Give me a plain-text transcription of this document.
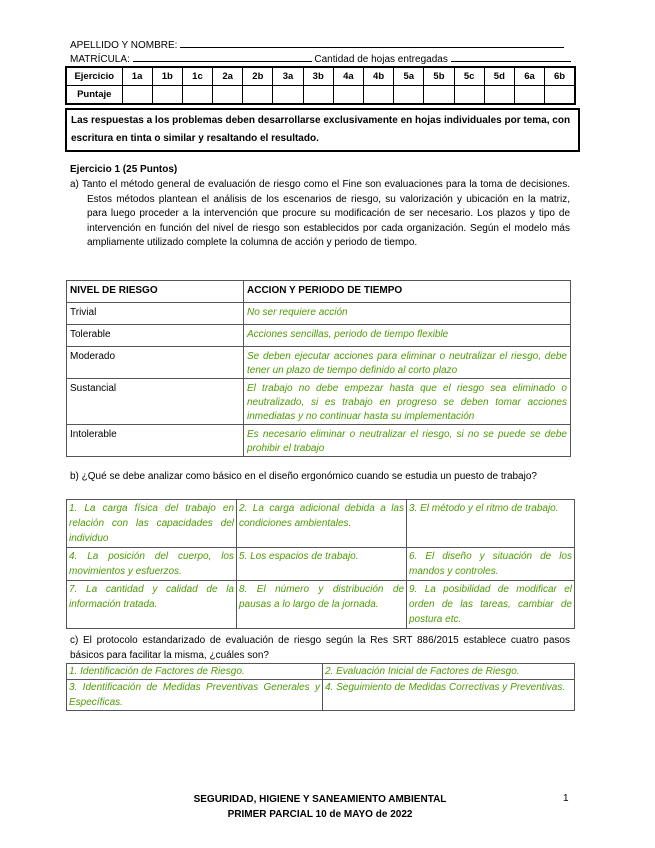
APELLIDO Y NOMBRE:
MATRÍCULA:	Cantidad de hojas entregadas
Ejercicio	1a	1b	1c	2a	2b	3a	3b	4a	4b	5a	5b	5c	5d	6a	6b
Puntaje															
Las respuestas a los problemas deben desarrollarse exclusivamente en hojas individuales por tema, con escritura en tinta o similar y resaltando el resultado.
Ejercicio 1 (25 Puntos)
a) Tanto el método general de evaluación de riesgo como el Fine son evaluaciones para la toma de decisiones. Estos métodos plantean el análisis de los escenarios de riesgo, su valorización y ubicación en la matriz, para luego proceder a la intervención que procure su modificación de ser necesario. Los plazos y tipo de intervención en función del nivel de riesgo son establecidos por cada organización. Según el modelo más ampliamente utilizado complete la columna de acción y periodo de tiempo.
NIVEL DE RIESGO	ACCION Y PERIODO DE TIEMPO
Trivial	No ser requiere acción
Tolerable	Acciones sencillas, periodo de tiempo flexible
Moderado	Se deben ejecutar acciones para eliminar o neutralizar el riesgo, debe tener un plazo de tiempo definido al corto plazo
Sustancial	El trabajo no debe empezar hasta que el riesgo sea eliminado o neutralizado, si es trabajo en progreso se deben tomar acciones inmediatas y no continuar hasta su implementación
Intolerable	Es necesario eliminar o neutralizar el riesgo, si no se puede se debe prohibir el trabajo
b) ¿Qué se debe analizar como básico en el diseño ergonómico cuando se estudia un puesto de trabajo?
1. La carga física del trabajo en relación con las capacidades del individuo	2. La carga adicional debida a las condiciones ambientales.	3. El método y el ritmo de trabajo.
4. La posición del cuerpo, los movimientos y esfuerzos.	5. Los espacios de trabajo.	6. El diseño y situación de los mandos y controles.
7. La cantidad y calidad de la información tratada.	8. El número y distribución de pausas a lo largo de la jornada.	9. La posibilidad de modificar el orden de las tareas, cambiar de postura etc.
c) El protocolo estandarizado de evaluación de riesgo según la Res SRT 886/2015 establece cuatro pasos básicos para facilitar la misma, ¿cuáles son?
1. Identificación de Factores de Riesgo.	2. Evaluación Inicial de Factores de Riesgo.
3. Identificación de Medidas Preventivas Generales y Específicas.	4. Seguimiento de Medidas Correctivas y Preventivas.
SEGURIDAD, HIGIENE Y SANEAMIENTO AMBIENTAL
PRIMER PARCIAL 10 de MAYO de 2022
1
